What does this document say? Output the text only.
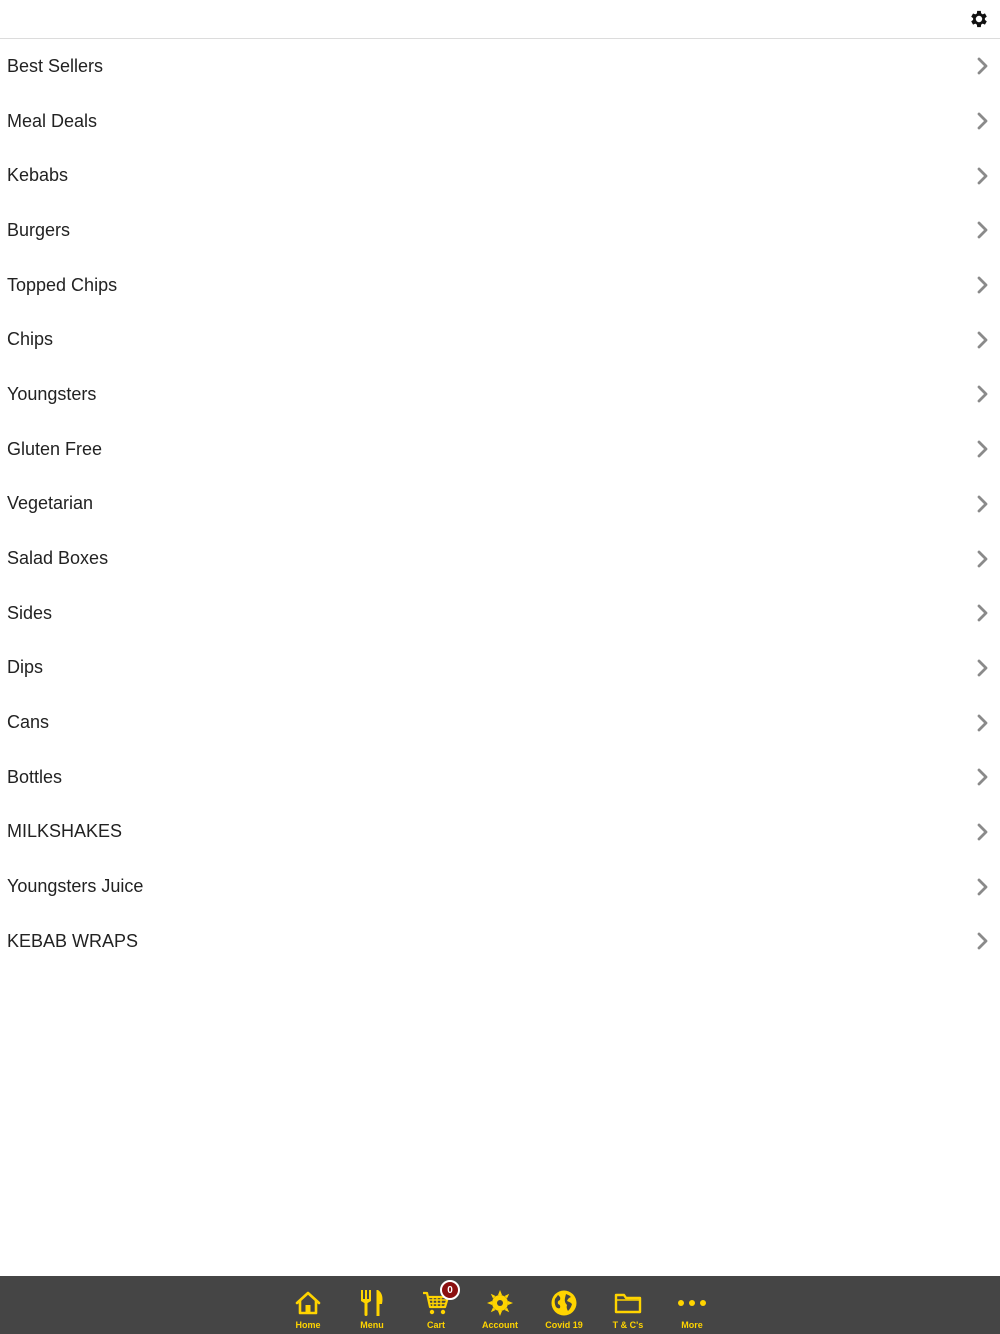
Best Sellers
Meal Deals
Kebabs
Burgers
Topped Chips
Chips
Youngsters
Gluten Free
Vegetarian
Salad Boxes
Sides
Dips
Cans
Bottles
MILKSHAKES
Youngsters Juice
KEBAB WRAPS
Home	Menu
0
Cart	Account	Covid 19	T & C's	More
